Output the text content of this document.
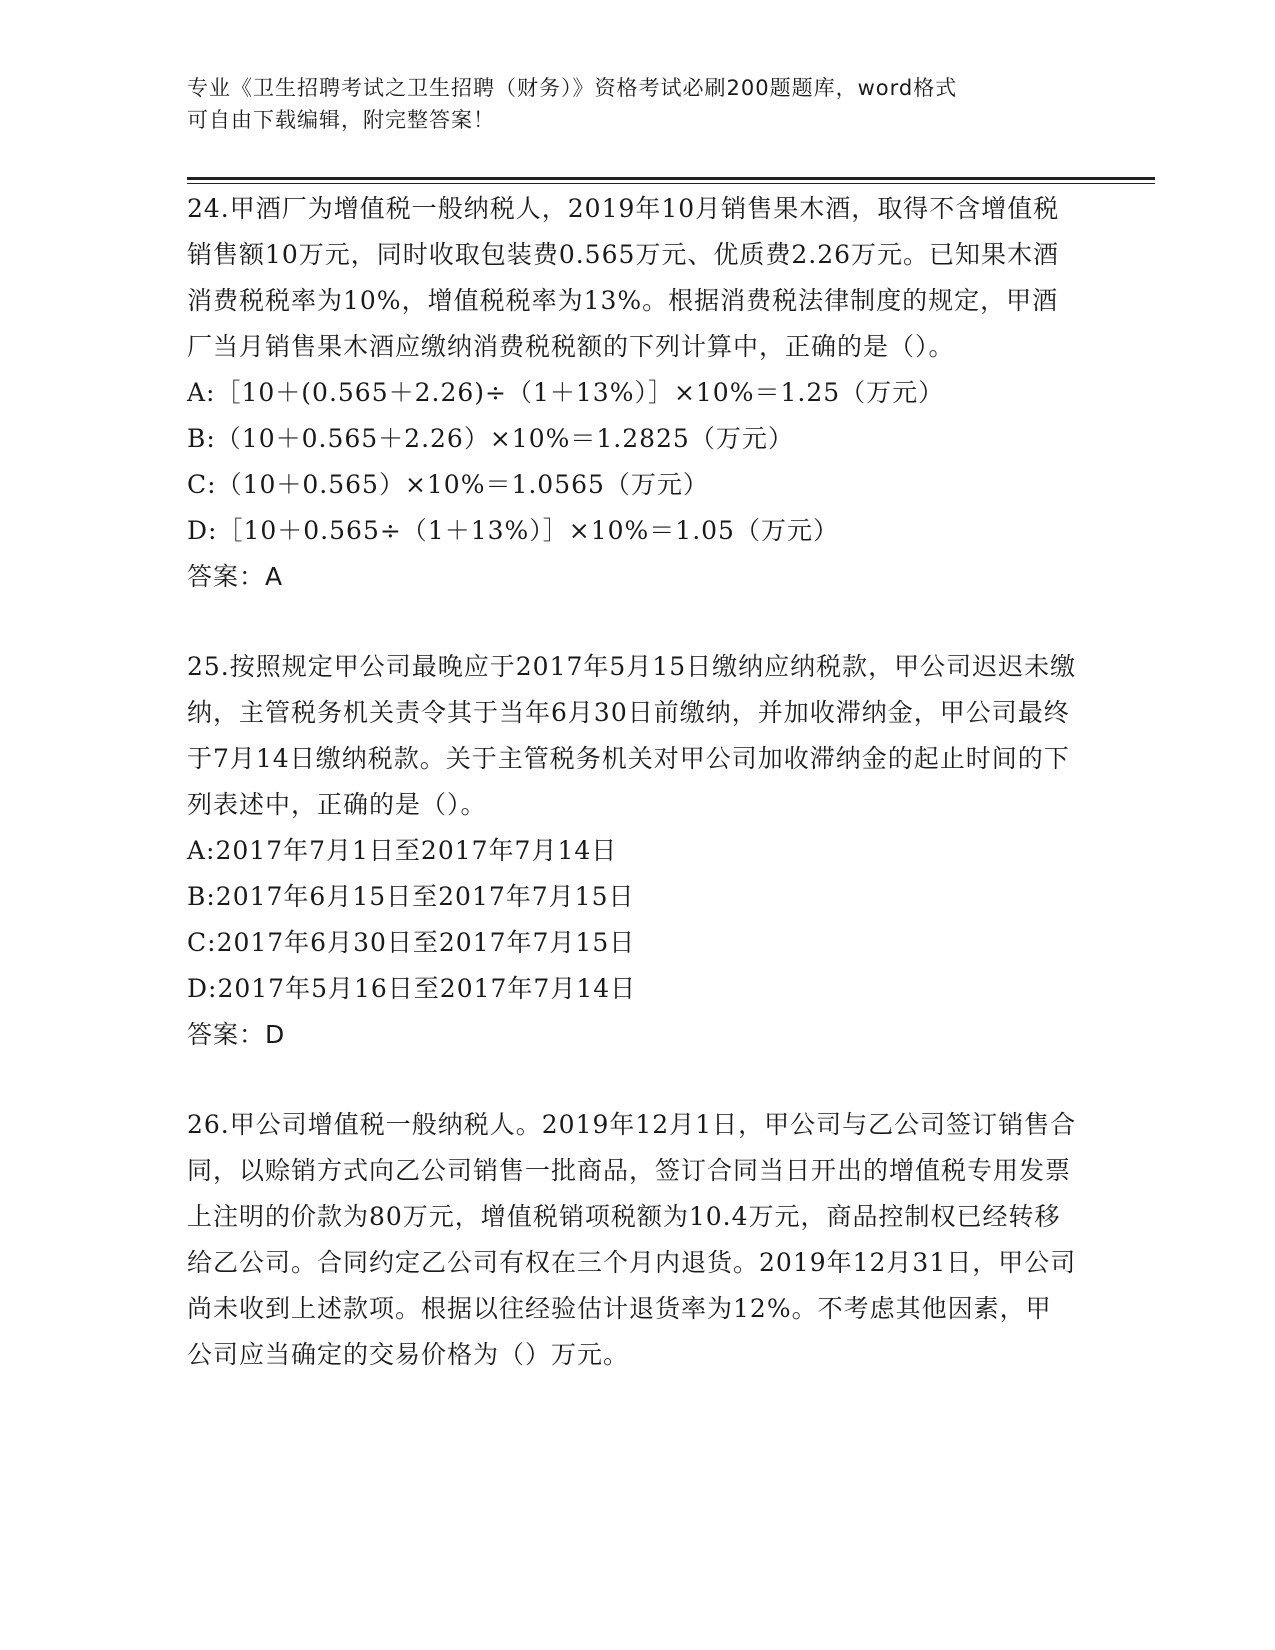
专业《卫生招聘考试之卫生招聘（财务）》资格考试必刷200题题库，word格式
可自由下载编辑，附完整答案！

24.甲酒厂为增值税一般纳税人，2019年10月销售果木酒，取得不含增值税销售额10万元，同时收取包装费0.565万元、优质费2.26万元。已知果木酒消费税税率为10%，增值税税率为13%。根据消费税法律制度的规定，甲酒厂当月销售果木酒应缴纳消费税税额的下列计算中，正确的是（）。

A: ［10＋(0.565＋2.26)÷（1＋13%）］×10%＝1.25（万元）
B: （10＋0.565＋2.26）×10%＝1.2825（万元）
C: （10＋0.565）×10%＝1.0565（万元）
D: ［10＋0.565÷（1＋13%）］×10%＝1.05（万元）

答案：A

25.按照规定甲公司最晚应于2017年5月15日缴纳应纳税款，甲公司迟迟未缴纳，主管税务机关责令其于当年6月30日前缴纳，并加收滞纳金，甲公司最终于7月14日缴纳税款。关于主管税务机关对甲公司加收滞纳金的起止时间的下列表述中，正确的是（）。

A: 2017年7月1日至2017年7月14日
B: 2017年6月15日至2017年7月15日
C: 2017年6月30日至2017年7月15日
D: 2017年5月16日至2017年7月14日

答案：D

26.甲公司增值税一般纳税人。2019年12月1日，甲公司与乙公司签订销售合同，以赊销方式向乙公司销售一批商品，签订合同当日开出的增值税专用发票上注明的价款为80万元，增值税销项税额为10.4万元，商品控制权已经转移给乙公司。合同约定乙公司有权在三个月内退货。2019年12月31日，甲公司尚未收到上述款项。根据以往经验估计退货率为12%。不考虑其他因素，甲公司应当确定的交易价格为（）万元。
